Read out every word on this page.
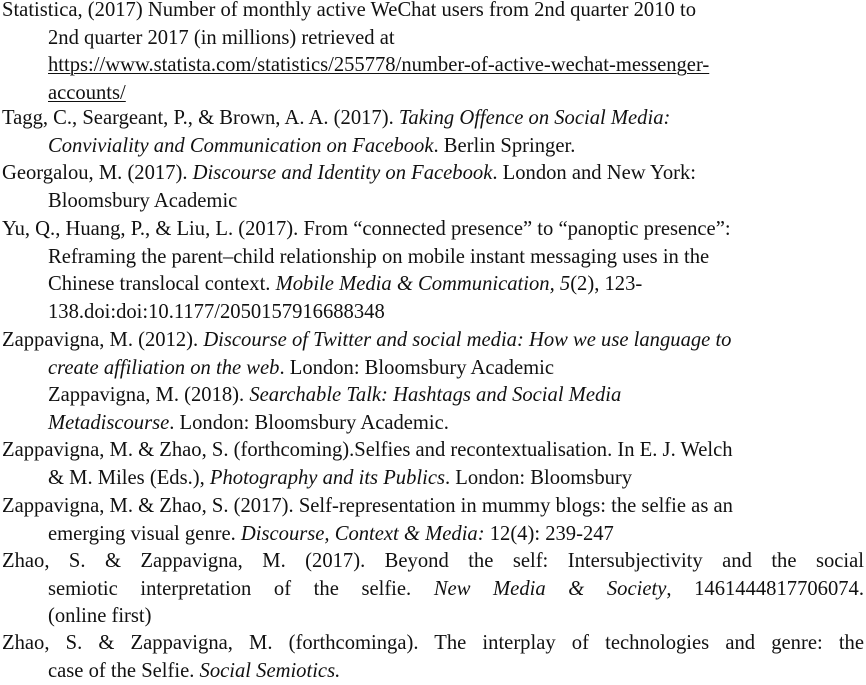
Statistica, (2017) Number of monthly active WeChat users from 2nd quarter 2010 to
2nd quarter 2017 (in millions) retrieved at
https://www.statista.com/statistics/255778/number-of-active-wechat-messenger-
accounts/
Tagg, C., Seargeant, P., & Brown, A. A. (2017). Taking Offence on Social Media:
Conviviality and Communication on Facebook. Berlin Springer.
Georgalou, M. (2017). Discourse and Identity on Facebook. London and New York:
Bloomsbury Academic
Yu, Q., Huang, P., & Liu, L. (2017). From “connected presence” to “panoptic presence”:
Reframing the parent–child relationship on mobile instant messaging uses in the
Chinese translocal context. Mobile Media & Communication, 5(2), 123-
138.doi:doi:10.1177/2050157916688348
Zappavigna, M. (2012). Discourse of Twitter and social media: How we use language to
create affiliation on the web. London: Bloomsbury Academic
Zappavigna, M. (2018). Searchable Talk: Hashtags and Social Media
Metadiscourse. London: Bloomsbury Academic.
Zappavigna, M. & Zhao, S. (forthcoming).Selfies and recontextualisation. In E. J. Welch
& M. Miles (Eds.), Photography and its Publics. London: Bloomsbury
Zappavigna, M. & Zhao, S. (2017). Self-representation in mummy blogs: the selfie as an
emerging visual genre. Discourse, Context & Media: 12(4): 239-247
Zhao, S. & Zappavigna, M. (2017). Beyond the self: Intersubjectivity and the social
semiotic interpretation of the selfie. New Media & Society, 1461444817706074.
(online first)
Zhao, S. & Zappavigna, M. (forthcominga). The interplay of technologies and genre: the
case of the Selfie. Social Semiotics.
